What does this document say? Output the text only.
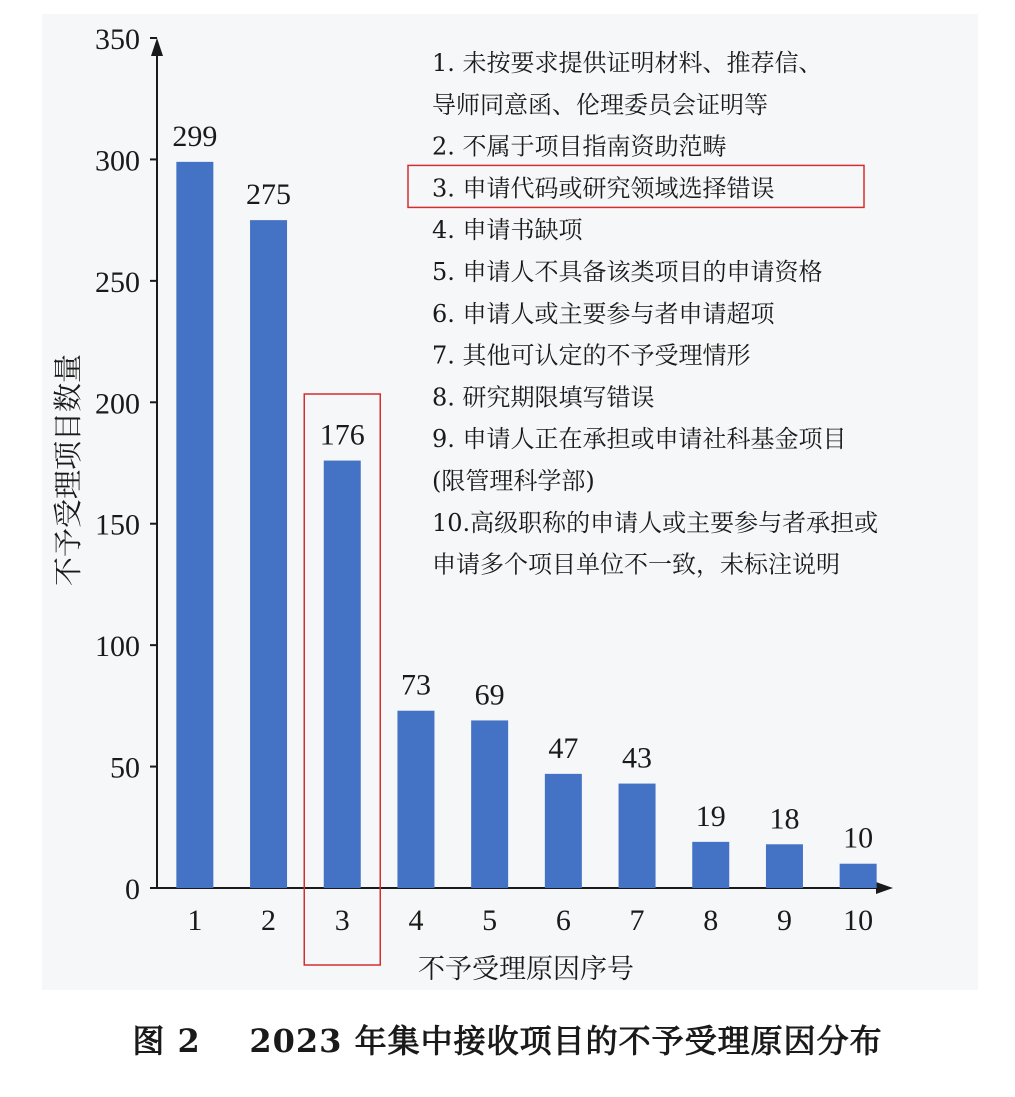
0
50
100
150
200
250
300
350
299
1
275
2
176
3
73
4
69
5
47
6
43
7
19
8
18
9
10
10
不予受理原因序号
不予受理项目数量
1. 未按要求提供证明材料、推荐信、
导师同意函、伦理委员会证明等
2. 不属于项目指南资助范畴
3. 申请代码或研究领域选择错误
4. 申请书缺项
5. 申请人不具备该类项目的申请资格
6. 申请人或主要参与者申请超项
7. 其他可认定的不予受理情形
8. 研究期限填写错误
9. 申请人正在承担或申请社科基金项目
(限管理科学部)
10.高级职称的申请人或主要参与者承担或
申请多个项目单位不一致，未标注说明
图 2 2023 年集中接收项目的不予受理原因分布
